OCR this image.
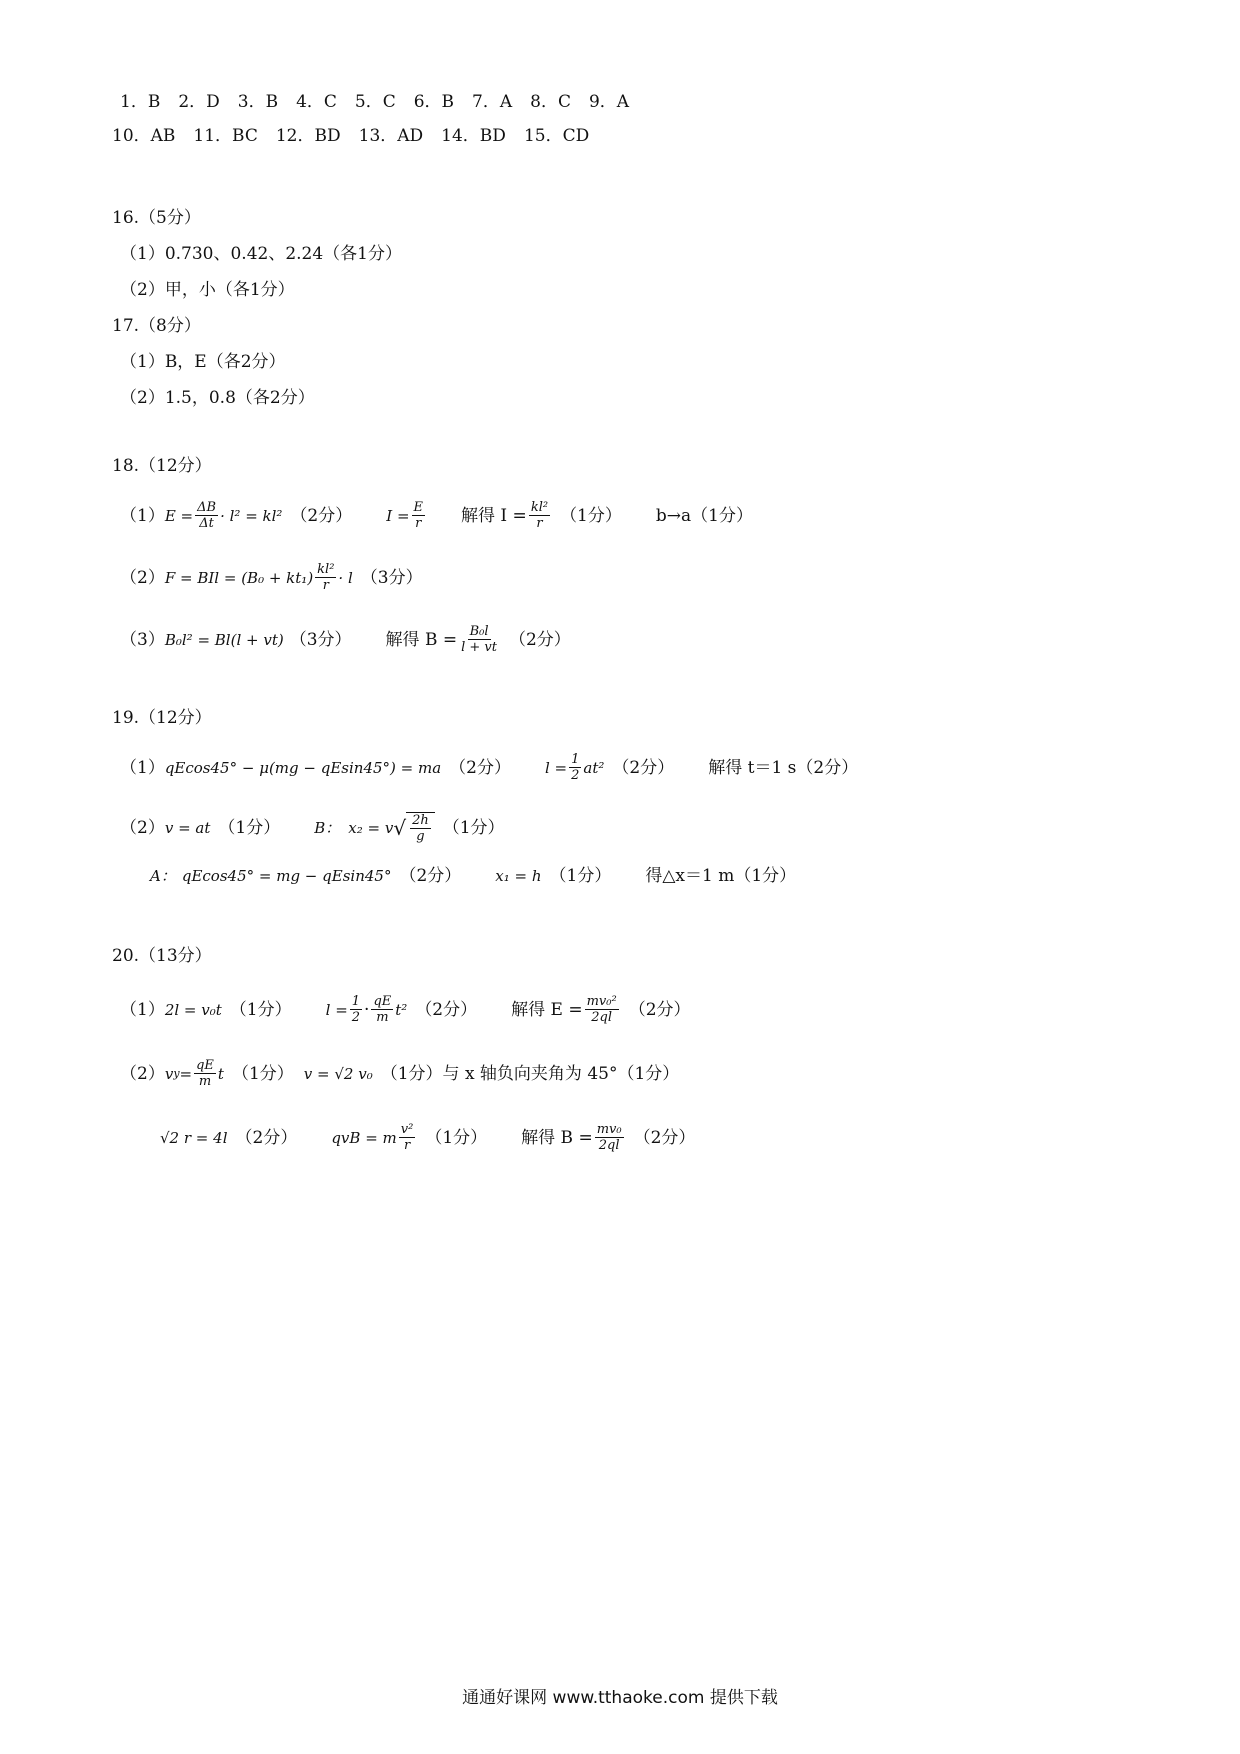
1．B 2．D 3．B 4．C 5．C 6．B 7．A 8．C 9．A
10．AB 11．BC 12．BD 13．AD 14．BD 15．CD
16.（5分）
（1）0.730、0.42、2.24（各1分）
（2）甲，小（各1分）
17.（8分）
（1）B，E（各2分）
（2）1.5，0.8（各2分）
18.（12分）
（1） $E = \frac{\Delta B}{\Delta t} \cdot l^2 = kl^2$ （2分） $I = \frac{E}{r}$ 解得 $I = \frac{\text{kl²}}{r} (1$分） b→a（1分）
（2） F = BIl = $(B_0 + kt_1) \frac{\text{kl²}}{r} \cdot l$ （3分）
（3） B₀l² = Bl(l + vt) （3分） 解得 $B = \frac{\text{B₀l}}{l + vt} (2$分）
19.（12分）
（1） qEcos45° − μ(mg − qEsin45°) = ma （2分） $l = \frac{1}{2} at^2$ （2分） 解得 t＝1 s（2分）
（2） v = at （1分） B： x₂ = v √ $\frac{2h}{g} (1$分）
A： qEcos45° = mg − qEsin45° （2分） x₁ = h （1分） 得△x＝1 m（1分）
20.（13分）
（1） 2l = v₀t （1分） $l = \frac{1}{2} \cdot \frac{qE}{m} t^2$ （2分） 解得 $E = \frac{\text{mv₀²}}{2ql} (2$分）
（2） v $y = \frac{qE}{m}$ t （1分） v = √2 v₀ （1分）与 x 轴负向夹角为 45°（1分）
√2 r = 4l （2分） qvB = m $\frac{\text{v²}}{r} (1$分） 解得 $B = \frac{\text{mv₀}}{2ql} (2$分）
通通好课网 www.tthaoke.com 提供下载
